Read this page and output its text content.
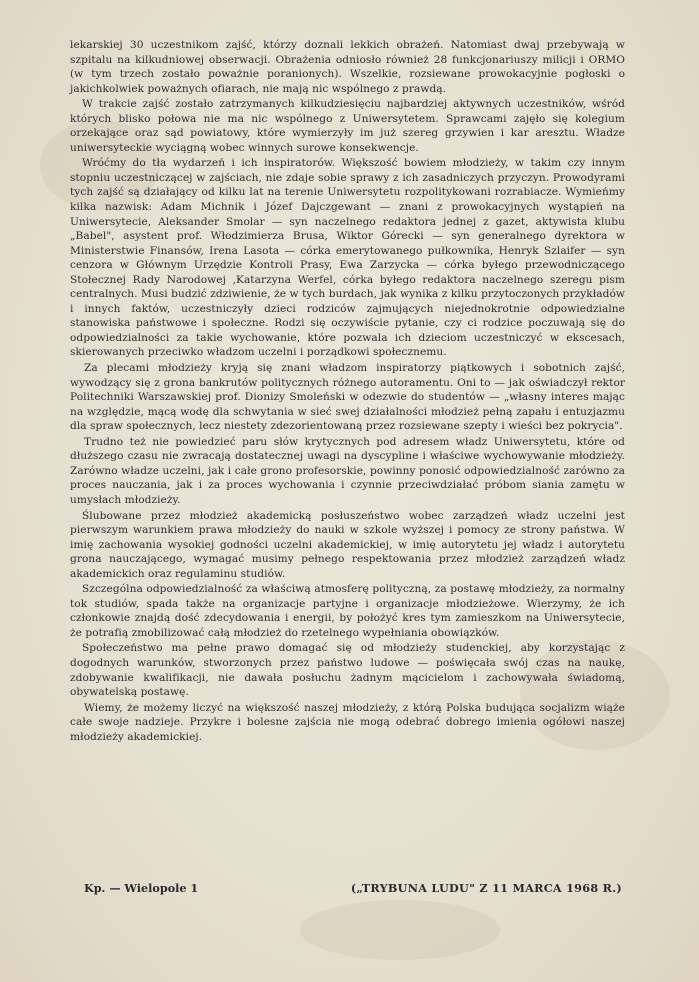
lekarskiej 30 uczestnikom zajść, którzy doznali lekkich obrażeń. Natomiast dwaj przebywają w szpitalu na kilkudniowej obserwacji. Obrażenia odniosło również 28 funkcjonariuszy milicji i ORMO (w tym trzech zostało poważnie poranionych). Wszelkie, rozsiewane prowokacyjnie pogłoski o jakichkolwiek poważnych ofiarach, nie mają nic wspólnego z prawdą.

W trakcie zajść zostało zatrzymanych kilkudziesięciu najbardziej aktywnych uczestników, wśród których blisko połowa nie ma nic wspólnego z Uniwersytetem. Sprawcami zajęło się kolegium orzekające oraz sąd powiatowy, które wymierzyły im już szereg grzywien i kar aresztu. Władze uniwersyteckie wyciągną wobec winnych surowe konsekwencje.

Wróćmy do tła wydarzeń i ich inspiratorów. Większość bowiem młodzieży, w takim czy innym stopniu uczestniczącej w zajściach, nie zdaje sobie sprawy z ich zasadniczych przyczyn. Prowodyrami tych zajść są działający od kilku lat na terenie Uniwersytetu rozpolitykowani rozrabiacze. Wymieńmy kilka nazwisk: Adam Michnik i Józef Dajczgewant — znani z prowokacyjnych wystąpień na Uniwersytecie, Aleksander Smolar — syn naczelnego redaktora jednej z gazet, aktywista klubu „Babel", asystent prof. Włodzimierza Brusa, Wiktor Górecki — syn generalnego dyrektora w Ministerstwie Finansów, Irena Lasota — córka emerytowanego pułkownika, Henryk Szlaifer — syn cenzora w Głównym Urzędzie Kontroli Prasy, Ewa Zarzycka — córka byłego przewodniczącego Stołecznej Rady Narodowej ,Katarzyna Werfel, córka byłego redaktora naczelnego szeregu pism centralnych. Musi budzić zdziwienie, że w tych burdach, jak wynika z kilku przytoczonych przykładów i innych faktów, uczestniczyły dzieci rodziców zajmujących niejednokrotnie odpowiedzialne stanowiska państwowe i społeczne. Rodzi się oczywiście pytanie, czy ci rodzice poczuwają się do odpowiedzialności za takie wychowanie, które pozwala ich dzieciom uczestniczyć w ekscesach, skierowanych przeciwko władzom uczelni i porządkowi społecznemu.

Za plecami młodzieży kryją się znani władzom inspiratorzy piątkowych i sobotnich zajść, wywodzący się z grona bankrutów politycznych różnego autoramentu. Oni to — jak oświadczył rektor Politechniki Warszawskiej prof. Dionizy Smoleński w odezwie do studentów — „własny interes mając na względzie, mącą wodę dla schwytania w sieć swej działalności młodzież pełną zapału i entuzjazmu dla spraw społecznych, lecz niestety zdezorientowaną przez rozsiewane szepty i wieści bez pokrycia".

Trudno też nie powiedzieć paru słów krytycznych pod adresem władz Uniwersytetu, które od dłuższego czasu nie zwracają dostatecznej uwagi na dyscypline i właściwe wychowywanie młodzieży. Zarówno władze uczelni, jak i całe grono profesorskie, powinny ponosić odpowiedzialność zarówno za proces nauczania, jak i za proces wychowania i czynnie przeciwdziałać próbom siania zamętu w umysłach młodzieży.

Ślubowane przez młodzież akademicką posłuszeństwo wobec zarządzeń władz uczelni jest pierwszym warunkiem prawa młodzieży do nauki w szkole wyższej i pomocy ze strony państwa. W imię zachowania wysokiej godności uczelni akademickiej, w imię autorytetu jej władz i autorytetu grona nauczającego, wymagać musimy pełnego respektowania przez młodzież zarządzeń władz akademickich oraz regulaminu studiów.

Szczególna odpowiedzialność za właściwą atmosferę polityczną, za postawę młodzieży, za normalny tok studiów, spada także na organizacje partyjne i organizacje młodzieżowe. Wierzymy, że ich członkowie znajdą dość zdecydowania i energii, by położyć kres tym zamieszkom na Uniwersytecie, że potrafią zmobilizować całą młodzież do rzetelnego wypełniania obowiązków.

Społeczeństwo ma pełne prawo domagać się od młodzieży studenckiej, aby korzystając z dogodnych warunków, stworzonych przez państwo ludowe — poświęcała swój czas na naukę, zdobywanie kwalifikacji, nie dawała posłuchu żadnym mącicielom i zachowywała świadomą, obywatelską postawę.

Wiemy, że możemy liczyć na większość naszej młodzieży, z którą Polska budująca socjalizm wiąże całe swoje nadzieje. Przykre i bolesne zajścia nie mogą odebrać dobrego imienia ogółowi naszej młodzieży akademickiej.

Kp. — Wielopole 1	(„TRYBUNA LUDU" Z 11 MARCA 1968 R.)
